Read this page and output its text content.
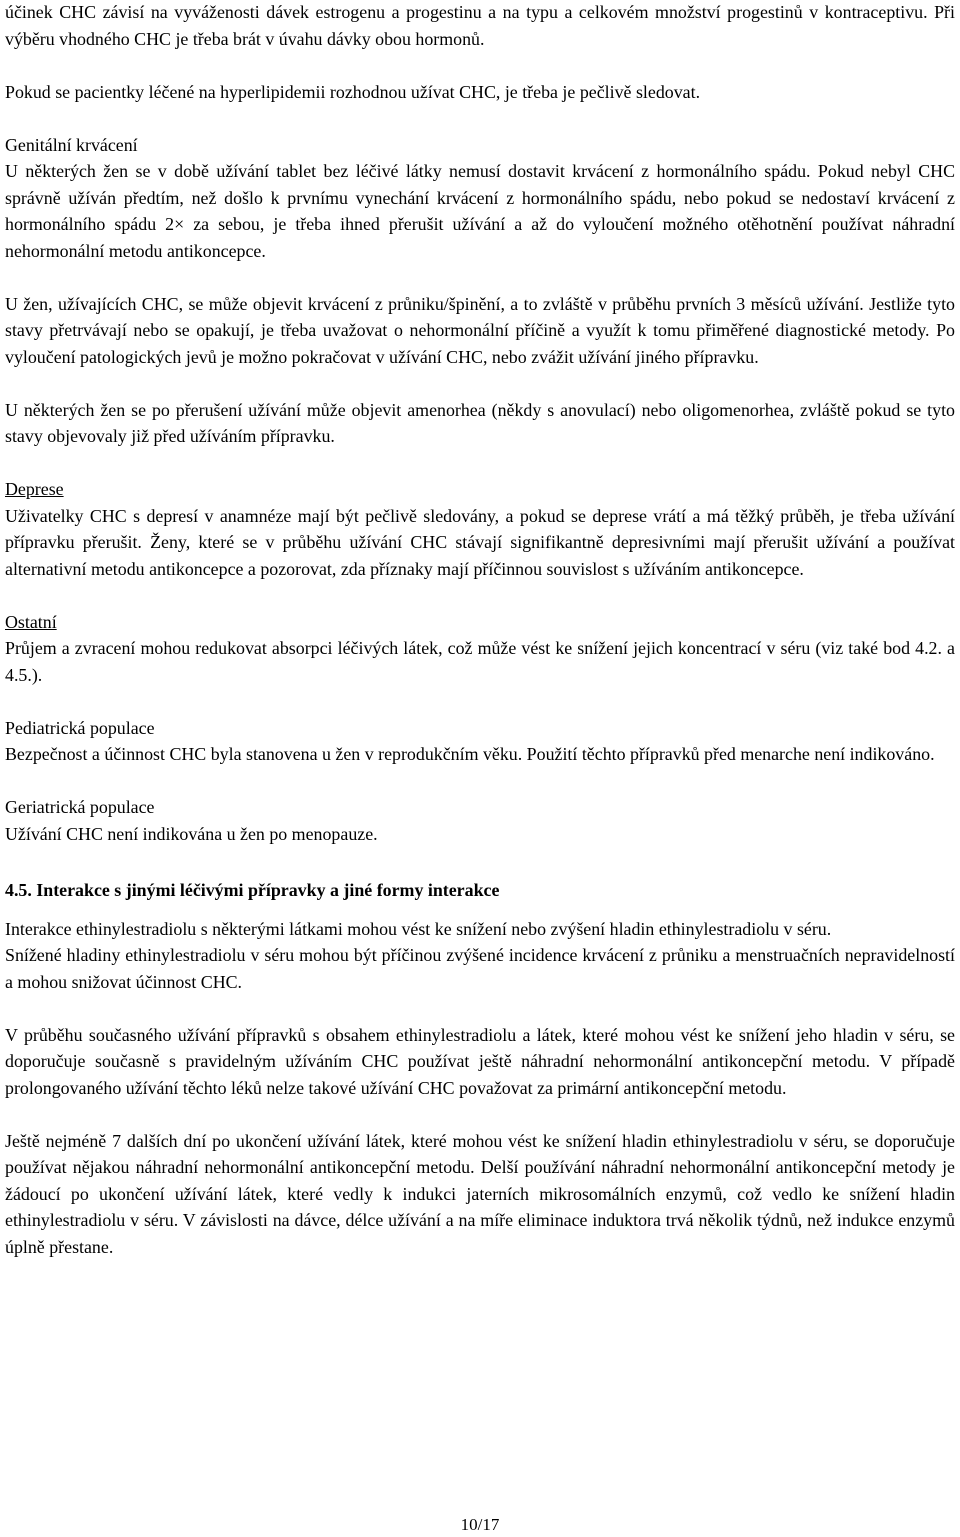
účinek CHC závisí na vyváženosti dávek estrogenu a progestinu a na typu a celkovém množství progestinů v kontraceptivu. Při výběru vhodného CHC je třeba brát v úvahu dávky obou hormonů.

Pokud se pacientky léčené na hyperlipidemii rozhodnou užívat CHC, je třeba je pečlivě sledovat.

Genitální krvácení

U některých žen se v době užívání tablet bez léčivé látky nemusí dostavit krvácení z hormonálního spádu. Pokud nebyl CHC správně užíván předtím, než došlo k prvnímu vynechání krvácení z hormonálního spádu, nebo pokud se nedostaví krvácení z hormonálního spádu 2× za sebou, je třeba ihned přerušit užívání a až do vyloučení možného otěhotnění používat náhradní nehormonální metodu antikoncepce.

U žen, užívajících CHC, se může objevit krvácení z průniku/špinění, a to zvláště v průběhu prvních 3 měsíců užívání. Jestliže tyto stavy přetrvávají nebo se opakují, je třeba uvažovat o nehormonální příčině a využít k tomu přiměřené diagnostické metody. Po vyloučení patologických jevů je možno pokračovat v užívání CHC, nebo zvážit užívání jiného přípravku.

U některých žen se po přerušení užívání může objevit amenorhea (někdy s anovulací) nebo oligomenorhea, zvláště pokud se tyto stavy objevovaly již před užíváním přípravku.

Deprese

Uživatelky CHC s depresí v anamnéze mají být pečlivě sledovány, a pokud se deprese vrátí a má těžký průběh, je třeba užívání přípravku přerušit. Ženy, které se v průběhu užívání CHC stávají signifikantně depresivními mají přerušit užívání a používat alternativní metodu antikoncepce a pozorovat, zda příznaky mají příčinnou souvislost s užíváním antikoncepce.

Ostatní

Průjem a zvracení mohou redukovat absorpci léčivých látek, což může vést ke snížení jejich koncentrací v séru (viz také bod 4.2. a 4.5.).

Pediatrická populace

Bezpečnost a účinnost CHC byla stanovena u žen v reprodukčním věku. Použití těchto přípravků před menarche není indikováno.

Geriatrická populace

Užívání CHC není indikována u žen po menopauze.

4.5. Interakce s jinými léčivými přípravky a jiné formy interakce

Interakce ethinylestradiolu s některými látkami mohou vést ke snížení nebo zvýšení hladin ethinylestradiolu v séru.

Snížené hladiny ethinylestradiolu v séru mohou být příčinou zvýšené incidence krvácení z průniku a menstruačních nepravidelností a mohou snižovat účinnost CHC.

V průběhu současného užívání přípravků s obsahem ethinylestradiolu a látek, které mohou vést ke snížení jeho hladin v séru, se doporučuje současně s pravidelným užíváním CHC používat ještě náhradní nehormonální antikoncepční metodu. V případě prolongovaného užívání těchto léků nelze takové užívání CHC považovat za primární antikoncepční metodu.

Ještě nejméně 7 dalších dní po ukončení užívání látek, které mohou vést ke snížení hladin ethinylestradiolu v séru, se doporučuje používat nějakou náhradní nehormonální antikoncepční metodu. Delší používání náhradní nehormonální antikoncepční metody je žádoucí po ukončení užívání látek, které vedly k indukci jaterních mikrosomálních enzymů, což vedlo ke snížení hladin ethinylestradiolu v séru. V závislosti na dávce, délce užívání a na míře eliminace induktora trvá několik týdnů, než indukce enzymů úplně přestane.

10/17
